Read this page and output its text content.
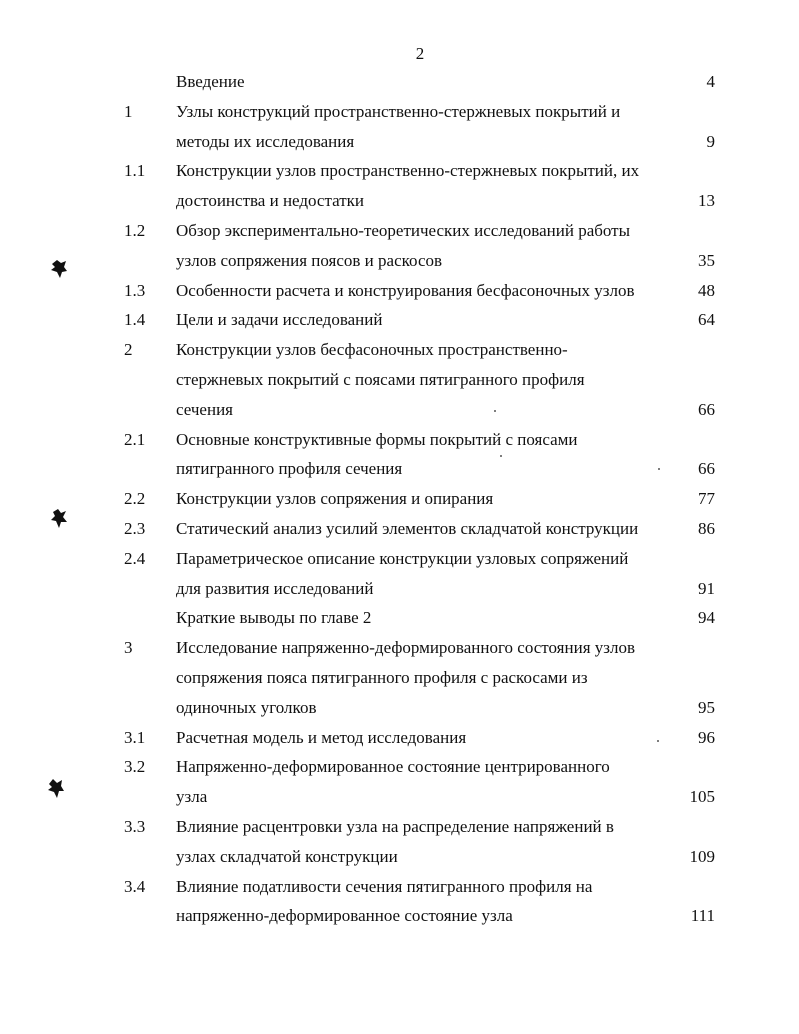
2
Введение	4
1	Узлы конструкций пространственно-стержневых покрытий и
методы их исследования	9
1.1 Конструкции узлов пространственно-стержневых покрытий, их
достоинства и недостатки	13
1.2 Обзор экспериментально-теоретических исследований работы
узлов сопряжения поясов и раскосов	35
1.3 Особенности расчета и конструирования бесфасоночных узлов	48
1.4 Цели и задачи исследований	64
2	Конструкции узлов бесфасоночных пространственно-
стержневых покрытий с поясами пятигранного профиля
сечения	66
2.1 Основные конструктивные формы покрытий с поясами
пятигранного профиля сечения	66
2.2 Конструкции узлов сопряжения и опирания	77
2.3 Статический анализ усилий элементов складчатой конструкции	86
2.4 Параметрическое описание конструкции узловых сопряжений
для развития исследований	91
Краткие выводы по главе 2	94
3	Исследование напряженно-деформированного состояния узлов
сопряжения пояса пятигранного профиля с раскосами из
одиночных уголков	95
3.1 Расчетная модель и метод исследования	96
3.2 Напряженно-деформированное состояние центрированного
узла	105
3.3 Влияние расцентровки узла на распределение напряжений в
узлах складчатой конструкции	109
3.4 Влияние податливости сечения пятигранного профиля на
напряженно-деформированное состояние узла	111
